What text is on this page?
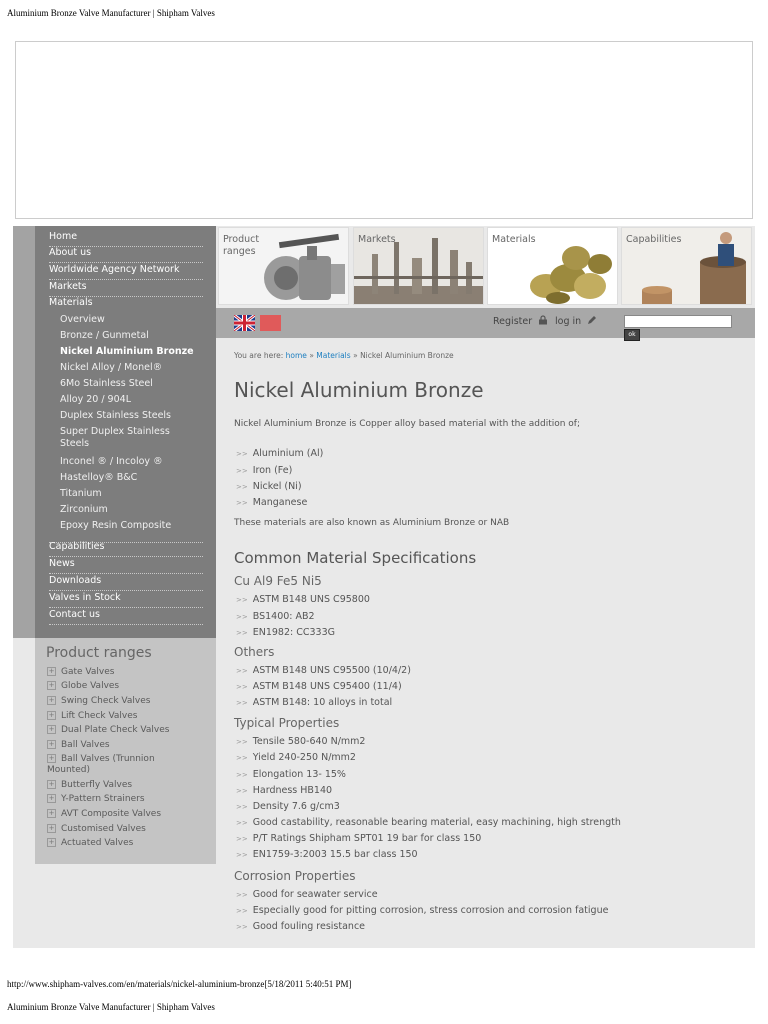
Aluminium Bronze Valve Manufacturer | Shipham Valves
Home
About us
Worldwide Agency Network
Markets
Materials
Overview
Bronze / Gunmetal
Nickel Aluminium Bronze
Nickel Alloy / Monel®
6Mo Stainless Steel
Alloy 20 / 904L
Duplex Stainless Steels
Super Duplex Stainless Steels
Inconel ® / Incoloy ®
Hastelloy® B&C
Titanium
Zirconium
Epoxy Resin Composite
Capabilities
News
Downloads
Valves in Stock
Contact us
Product ranges
+ Gate Valves
+ Globe Valves
+ Swing Check Valves
+ Lift Check Valves
+ Dual Plate Check Valves
+ Ball Valves
+ Ball Valves (Trunnion Mounted)
+ Butterfly Valves
+ Y-Pattern Strainers
+ AVT Composite Valves
+ Customised Valves
+ Actuated Valves
Product ranges
Markets	Materials	Capabilities
Register	log in
ok
You are here: home » Materials » Nickel Aluminium Bronze
Nickel Aluminium Bronze
Nickel Aluminium Bronze is Copper alloy based material with the addition of;
>> Aluminium (Al)
>> Iron (Fe)
>> Nickel (Ni)
>> Manganese
These materials are also known as Aluminium Bronze or NAB
Common Material Specifications
Cu Al9 Fe5 Ni5
>> ASTM B148 UNS C95800
>> BS1400: AB2
>> EN1982: CC333G
Others
>> ASTM B148 UNS C95500 (10/4/2)
>> ASTM B148 UNS C95400 (11/4)
>> ASTM B148: 10 alloys in total
Typical Properties
>> Tensile 580-640 N/mm2
>> Yield 240-250 N/mm2
>> Elongation 13- 15%
>> Hardness HB140
>> Density 7.6 g/cm3
>> Good castability, reasonable bearing material, easy machining, high strength
>> P/T Ratings Shipham SPT01 19 bar for class 150
>> EN1759-3:2003 15.5 bar class 150
Corrosion Properties
>> Good for seawater service
>> Especially good for pitting corrosion, stress corrosion and corrosion fatigue
>> Good fouling resistance
http://www.shipham-valves.com/en/materials/nickel-aluminium-bronze[5/18/2011 5:40:51 PM]
Aluminium Bronze Valve Manufacturer | Shipham Valves
